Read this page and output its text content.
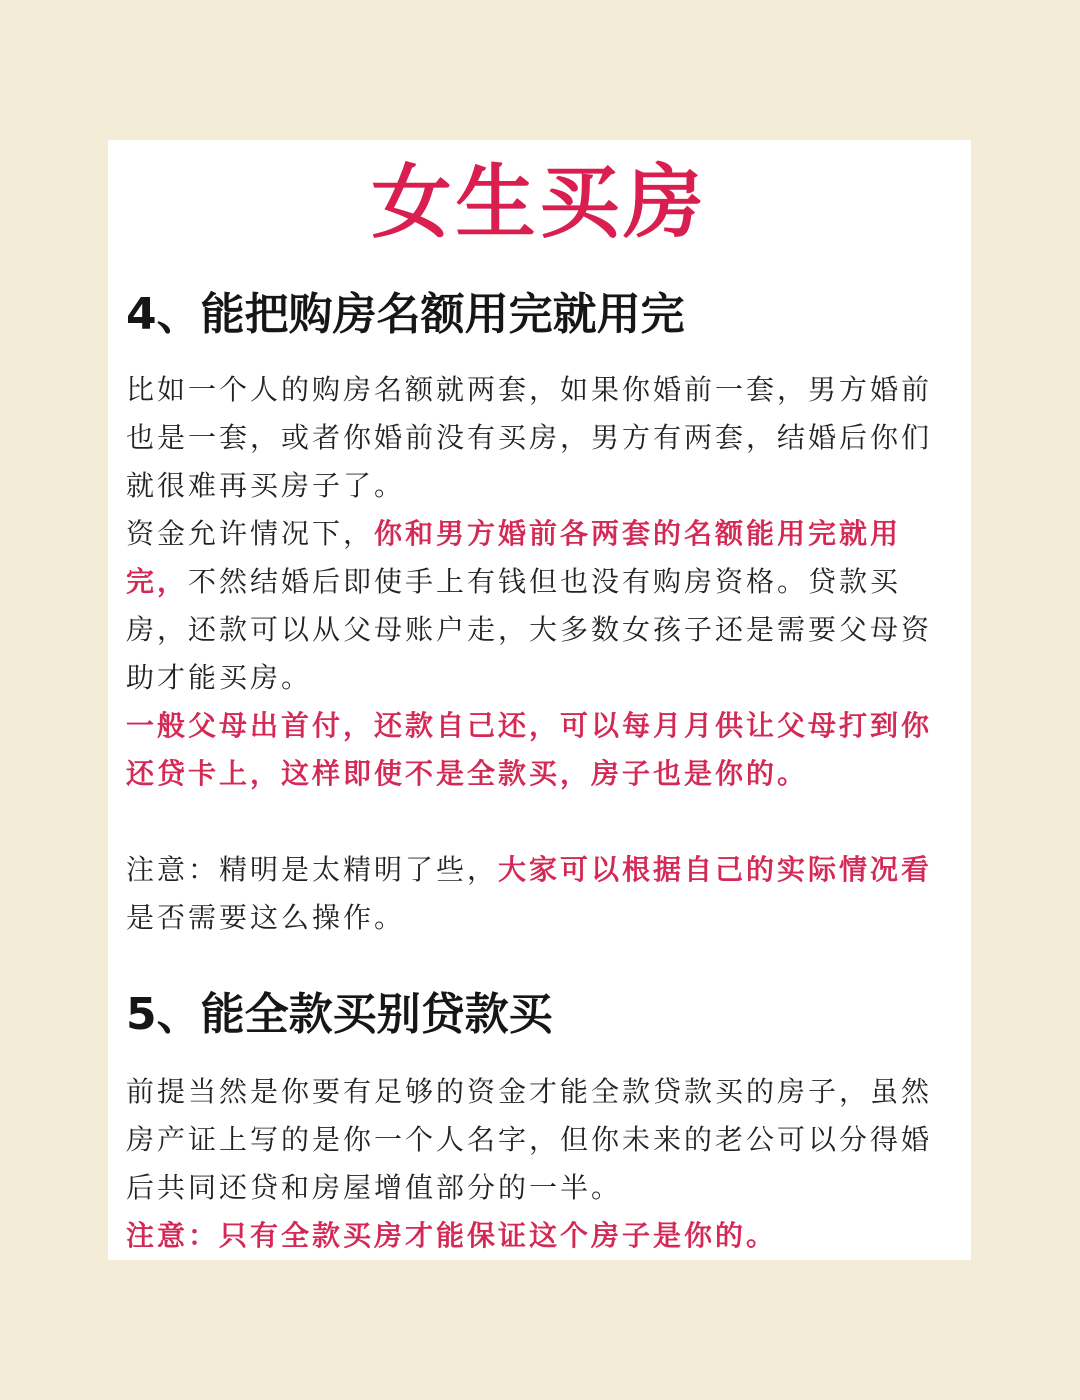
女生买房
4、能把购房名额用完就用完
比如一个人的购房名额就两套，如果你婚前一套，男方婚前
也是一套，或者你婚前没有买房，男方有两套，结婚后你们
就很难再买房子了。
资金允许情况下，你和男方婚前各两套的名额能用完就用
完，不然结婚后即使手上有钱但也没有购房资格。贷款买
房，还款可以从父母账户走，大多数女孩子还是需要父母资
助才能买房。
一般父母出首付，还款自己还，可以每月月供让父母打到你
还贷卡上，这样即使不是全款买，房子也是你的。
注意：精明是太精明了些，大家可以根据自己的实际情况看
是否需要这么操作。
5、能全款买别贷款买
前提当然是你要有足够的资金才能全款贷款买的房子，虽然
房产证上写的是你一个人名字，但你未来的老公可以分得婚
后共同还贷和房屋增值部分的一半。
注意：只有全款买房才能保证这个房子是你的。
